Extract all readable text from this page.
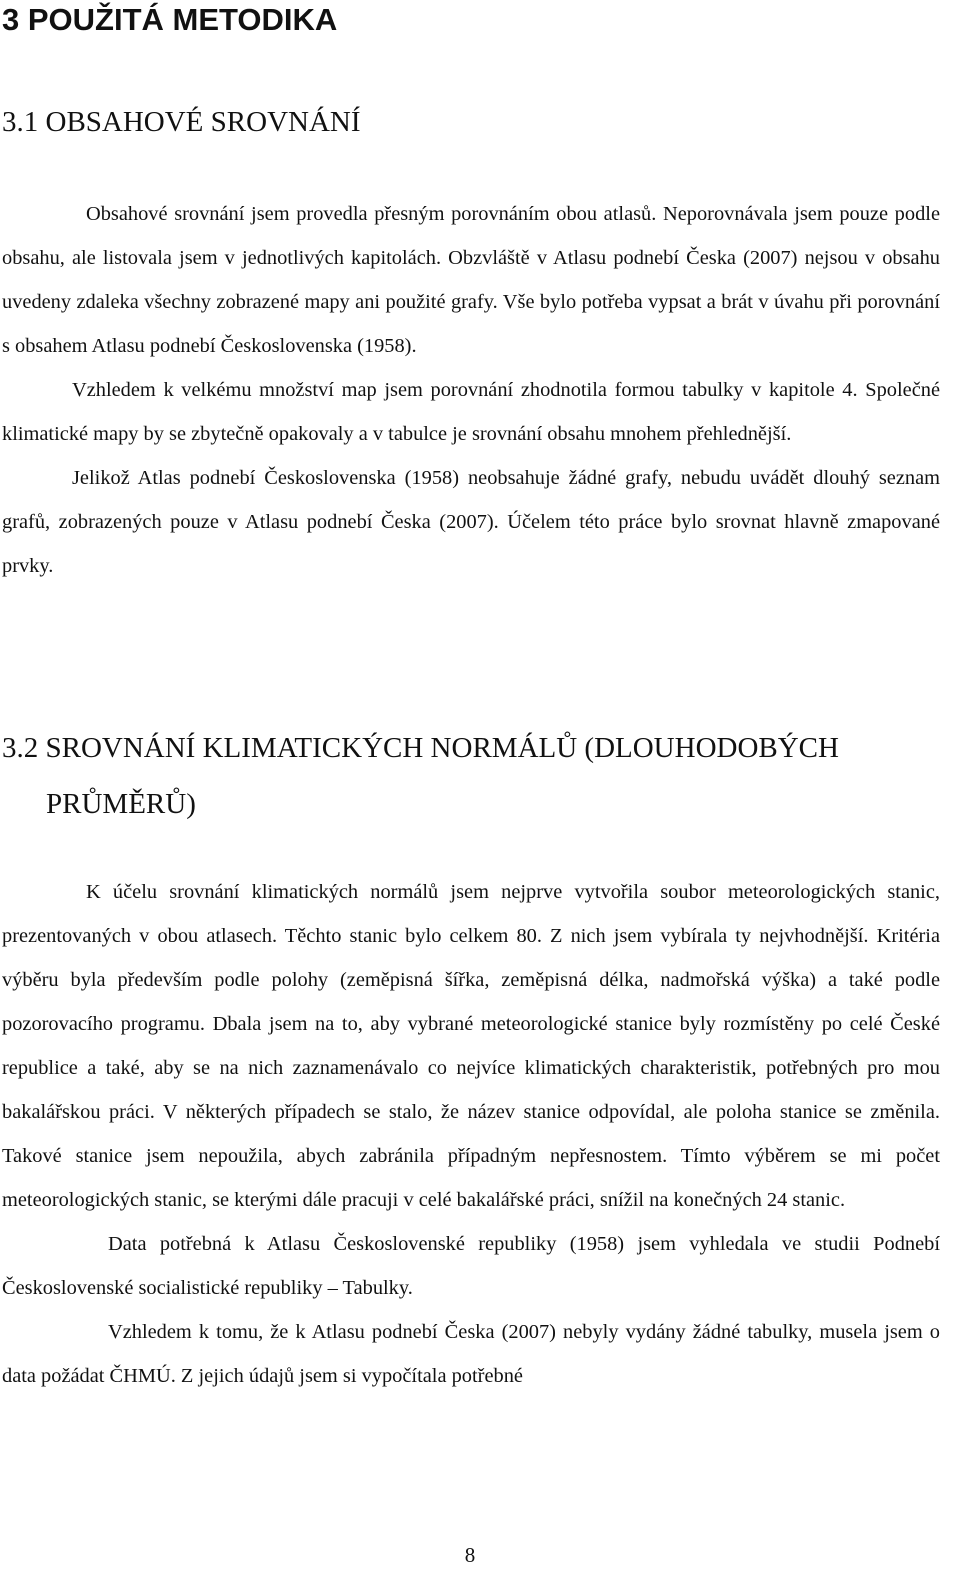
3 POUŽITÁ METODIKA
3.1 OBSAHOVÉ SROVNÁNÍ

Obsahové srovnání jsem provedla přesným porovnáním obou atlasů. Neporovnávala jsem pouze podle obsahu, ale listovala jsem v jednotlivých kapitolách. Obzvláště v Atlasu podnebí Česka (2007) nejsou v obsahu uvedeny zdaleka všechny zobrazené mapy ani použité grafy. Vše bylo potřeba vypsat a brát v úvahu při porovnání s obsahem Atlasu podnebí Československa (1958).

Vzhledem k velkému množství map jsem porovnání zhodnotila formou tabulky v kapitole 4. Společné klimatické mapy by se zbytečně opakovaly a v tabulce je srovnání obsahu mnohem přehlednější.

Jelikož Atlas podnebí Československa (1958) neobsahuje žádné grafy, nebudu uvádět dlouhý seznam grafů, zobrazených pouze v Atlasu podnebí Česka (2007). Účelem této práce bylo srovnat hlavně zmapované prvky.

3.2 SROVNÁNÍ KLIMATICKÝCH NORMÁLŮ (DLOUHODOBÝCH PRŮMĚRŮ)

K účelu srovnání klimatických normálů jsem nejprve vytvořila soubor meteorologických stanic, prezentovaných v obou atlasech. Těchto stanic bylo celkem 80. Z nich jsem vybírala ty nejvhodnější. Kritéria výběru byla především podle polohy (zeměpisná šířka, zeměpisná délka, nadmořská výška) a také podle pozorovacího programu. Dbala jsem na to, aby vybrané meteorologické stanice byly rozmístěny po celé České republice a také, aby se na nich zaznamenávalo co nejvíce klimatických charakteristik, potřebných pro mou bakalářskou práci. V některých případech se stalo, že název stanice odpovídal, ale poloha stanice se změnila. Takové stanice jsem nepoužila, abych zabránila případným nepřesnostem. Tímto výběrem se mi počet meteorologických stanic, se kterými dále pracuji v celé bakalářské práci, snížil na konečných 24 stanic.

Data potřebná k Atlasu Československé republiky (1958) jsem vyhledala ve studii Podnebí Československé socialistické republiky – Tabulky.

Vzhledem k tomu, že k Atlasu podnebí Česka (2007) nebyly vydány žádné tabulky, musela jsem o data požádat ČHMÚ. Z jejich údajů jsem si vypočítala potřebné

8
